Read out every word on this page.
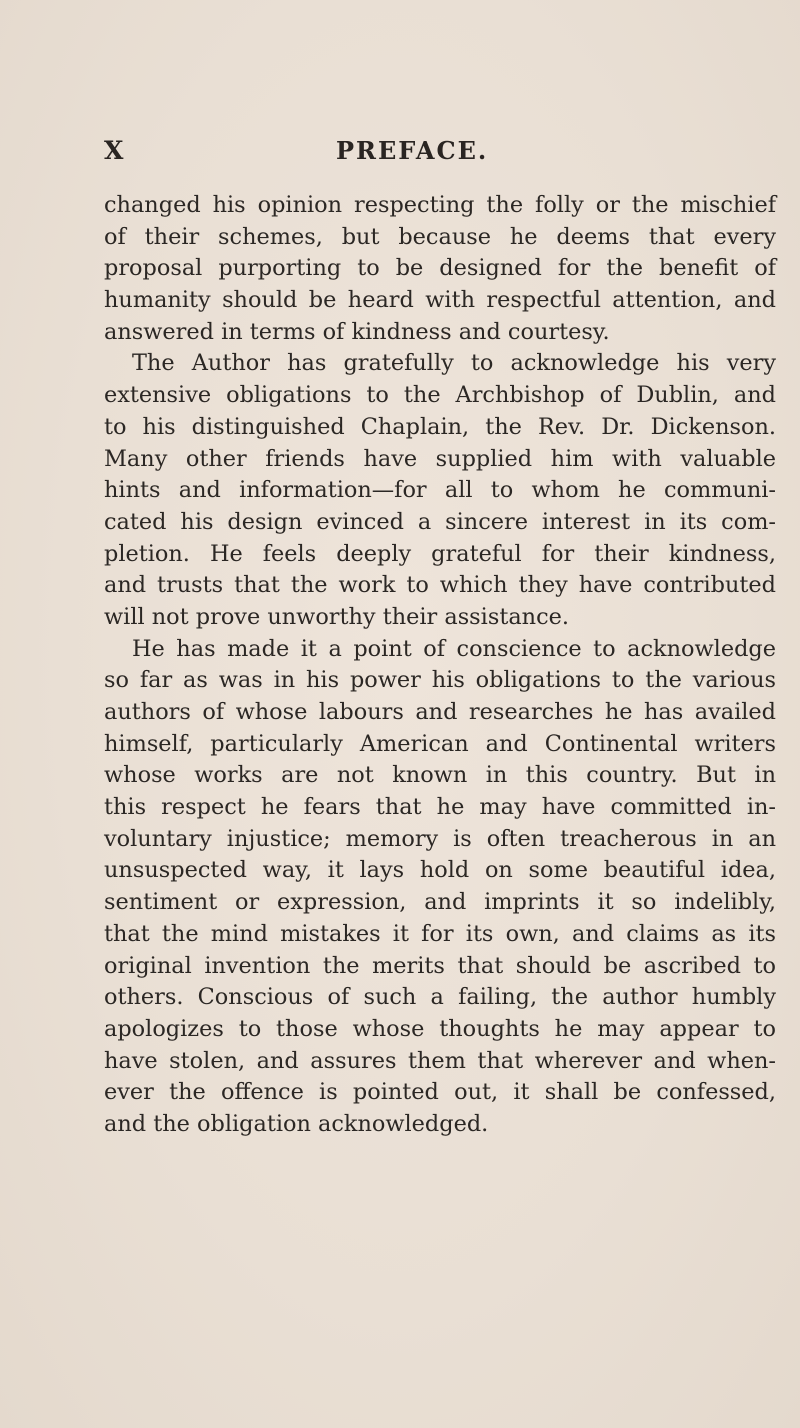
X	PREFACE.

changed his opinion respecting the folly or the mischief
of their schemes, but because he deems that every
proposal purporting to be designed for the benefit of
humanity should be heard with respectful attention, and
answered in terms of kindness and courtesy.

The Author has gratefully to acknowledge his very
extensive obligations to the Archbishop of Dublin, and
to his distinguished Chaplain, the Rev. Dr. Dickenson.
Many other friends have supplied him with valuable
hints and information—for all to whom he communi-
cated his design evinced a sincere interest in its com-
pletion. He feels deeply grateful for their kindness,
and trusts that the work to which they have contributed
will not prove unworthy their assistance.

He has made it a point of conscience to acknowledge
so far as was in his power his obligations to the various
authors of whose labours and researches he has availed
himself, particularly American and Continental writers
whose works are not known in this country. But in
this respect he fears that he may have committed in-
voluntary injustice; memory is often treacherous in an
unsuspected way, it lays hold on some beautiful idea,
sentiment or expression, and imprints it so indelibly,
that the mind mistakes it for its own, and claims as its
original invention the merits that should be ascribed to
others. Conscious of such a failing, the author humbly
apologizes to those whose thoughts he may appear to
have stolen, and assures them that wherever and when-
ever the offence is pointed out, it shall be confessed,
and the obligation acknowledged.
